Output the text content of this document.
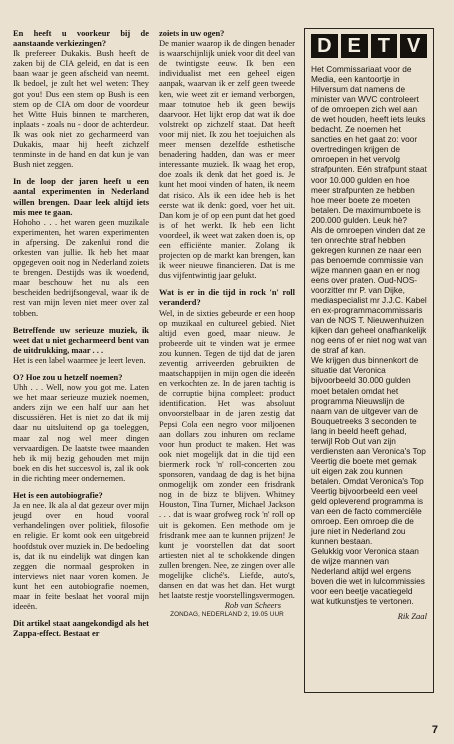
En heeft u voorkeur bij de aanstaande verkiezingen?

Ik prefereer Dukakis. Bush heeft de zaken bij de CIA geleid, en dat is een baan waar je geen afscheid van neemt. Ik bedoel, je zult het wel weten: They got you! Dus een stem op Bush is een stem op de CIA om door de voordeur het Witte Huis binnen te marcheren, inplaats - zoals nu - door de achterdeur. Ik was ook niet zo gecharmeerd van Dukakis, maar hij heeft zichzelf tenminste in de hand en dat kun je van Bush niet zeggen.

In de loop der jaren heeft u een aantal experimenten in Nederland willen brengen. Daar leek altijd iets mis mee te gaan.

Hohoho . . . het waren geen muzikale experimenten, het waren experimenten in afpersing. De zakenlui rond die orkesten van jullie. Ik heb het maar opgegeven ooit nog in Nederland zoiets te brengen. Destijds was ik woedend, maar beschouw het nu als een bescheiden bedrijfsongeval, waar ik de rest van mijn leven niet meer over zal tobben.

Betreffende uw serieuze muziek, ik weet dat u niet gecharmeerd bent van de uitdrukking, maar . . .

Het is een label waarmee je leert leven.

O? Hoe zou u hetzelf noemen?

Uhh . . . Well, now you got me. Laten we het maar serieuze muziek noemen, anders zijn we een half uur aan het discussiëren. Het is niet zo dat ik mij daar nu uitsluitend op ga toeleggen, maar zal nog wel meer dingen vervaardigen. De laatste twee maanden heb ik mij bezig gehouden met mijn boek en dis het succesvol is, zal ik ook in die richting meer ondernemen.

Het is een autobiografie?

Ja en nee. Ik ala al dat gezeur over mijn jeugd over en houd vooral verhandelingen over politiek, filosofie en religie. Er komt ook een uitgebreid hoofdstuk over muziek in. De bedoeling is, dat ik nu eindelijk wat dingen kan zeggen die normaal gesproken in interviews niet naar voren komen. Je kunt het een autobiografie noemen, maar in feite beslaat het vooral mijn ideeën.

Dit artikel staat aangekondigd als het Zappa-effect. Bestaat er

zoiets in uw ogen?

De manier waarop ik de dingen benader is waarschijnlijk uniek voor dit deel van de twintigste eeuw. Ik ben een individualist met een geheel eigen aanpak, waarvan ik er zelf geen tweede ken, wie weet zit er iemand verborgen, maar totnutoe heb ik geen bewijs daarvoor. Het lijkt erop dat wat ik doe volstrekt op zichzelf staat. Dat heeft voor mij niet. Ik zou het toejuichen als meer mensen dezelfde esthetische benadering hadden, dan was er meer interessante muziek. Ik waag het erop, doe zoals ik denk dat het goed is. Je kunt het mooi vinden of haten, ik neem dat risico. Als ik een idee heb is het eerste wat ik denk: goed, voer het uit. Dan kom je of op een punt dat het goed is of het werkt. Ik heb een licht voordeel, ik weet wat zaken doen is, op een efficiënte manier. Zolang ik projecten op de markt kan brengen, kan ik weer nieuwe financieren. Dat is me dus vijfentwintig jaar gelukt.

Wat is er in die tijd in rock 'n' roll veranderd?

Wel, in de sixties gebeurde er een hoop op muzikaal en cultureel gebied. Niet altijd even goed, maar nieuw. Je probeerde uit te vinden wat je ermee zou kunnen. Tegen de tijd dat de jaren zeventig arriveerden gebruikten de maatschappijen in mijn ogen die ideeën en verkochten ze. In de jaren tachtig is de corruptie bijna compleet: product identification. Het was absoluut onvoorstelbaar in de jaren zestig dat Pepsi Cola een negro voor miljoenen aan dollars zou inhuren om reclame voor hun product te maken. Het was ook niet mogelijk dat in die tijd een biermerk rock 'n' roll-concerten zou sponsoren, vandaag de dag is het bijna onmogelijk om zonder een frisdrank nog in de bizz te blijven. Whitney Houston, Tina Turner, Michael Jackson . . . dat is waar grofweg rock 'n' roll op uit is gekomen. Een methode om je frisdrank mee aan te kunnen prijzen! Je kunt je voorstellen dat dat soort artiesten niet al te schokkende dingen zullen brengen. Nee, ze zingen over alle mogelijke cliché's. Liefde, auto's, dansen en dat was het dan. Het wurgt het laatste restje voorstellingsvermogen.

Rob van Scheers

ZONDAG, NEDERLAND 2, 19.05 UUR

D E T V

Het Commissariaat voor de Media, een kantoortje in Hilversum dat namens de minister van WVC controleert of de omroepen zich wel aan de wet houden, heeft iets leuks bedacht. Ze noemen het sancties en het gaat zo: voor overtredingen krijgen de omroepen in het vervolg strafpunten. Eén strafpunt staat voor 10.000 gulden en hoe meer strafpunten ze hebben hoe meer boete ze moeten betalen. De maximumboete is 200.000 gulden. Leuk hè?

Als de omroepen vinden dat ze ten onrechte straf hebben gekregen kunnen ze naar een pas benoemde commissie van wijze mannen gaan en er nog eens over praten. Oud-NOS-voorzitter mr P. van Dijke, mediaspecialist mr J.J.C. Kabel en ex-programmacommissaris van de NOS T. Nieuwenhuizen kijken dan geheel onafhankelijk nog eens of er niet nog wat van de straf af kan.

We krijgen dus binnenkort de situatie dat Veronica bijvoorbeeld 30.000 gulden moet betalen omdat het programma Nieuwslijn de naam van de uitgever van de Bouquetreeks 3 seconden te lang in beeld heeft gehad, terwijl Rob Out van zijn verdiensten aan Veronica's Top Veertig die boete met gemak uit eigen zak zou kunnen betalen. Omdat Veronica's Top Veertig bijvoorbeeld een veel geld opleverend programma is van een de facto commerciële omroep. Een omroep die de jure niet in Nederland zou kunnen bestaan.

Gelukkig voor Veronica staan de wijze mannen van Nederland altijd wel ergens boven die wet in lulcommissies voor een beetje vacatiegeld wat kutkunstjes te vertonen.

Rik Zaal
7
